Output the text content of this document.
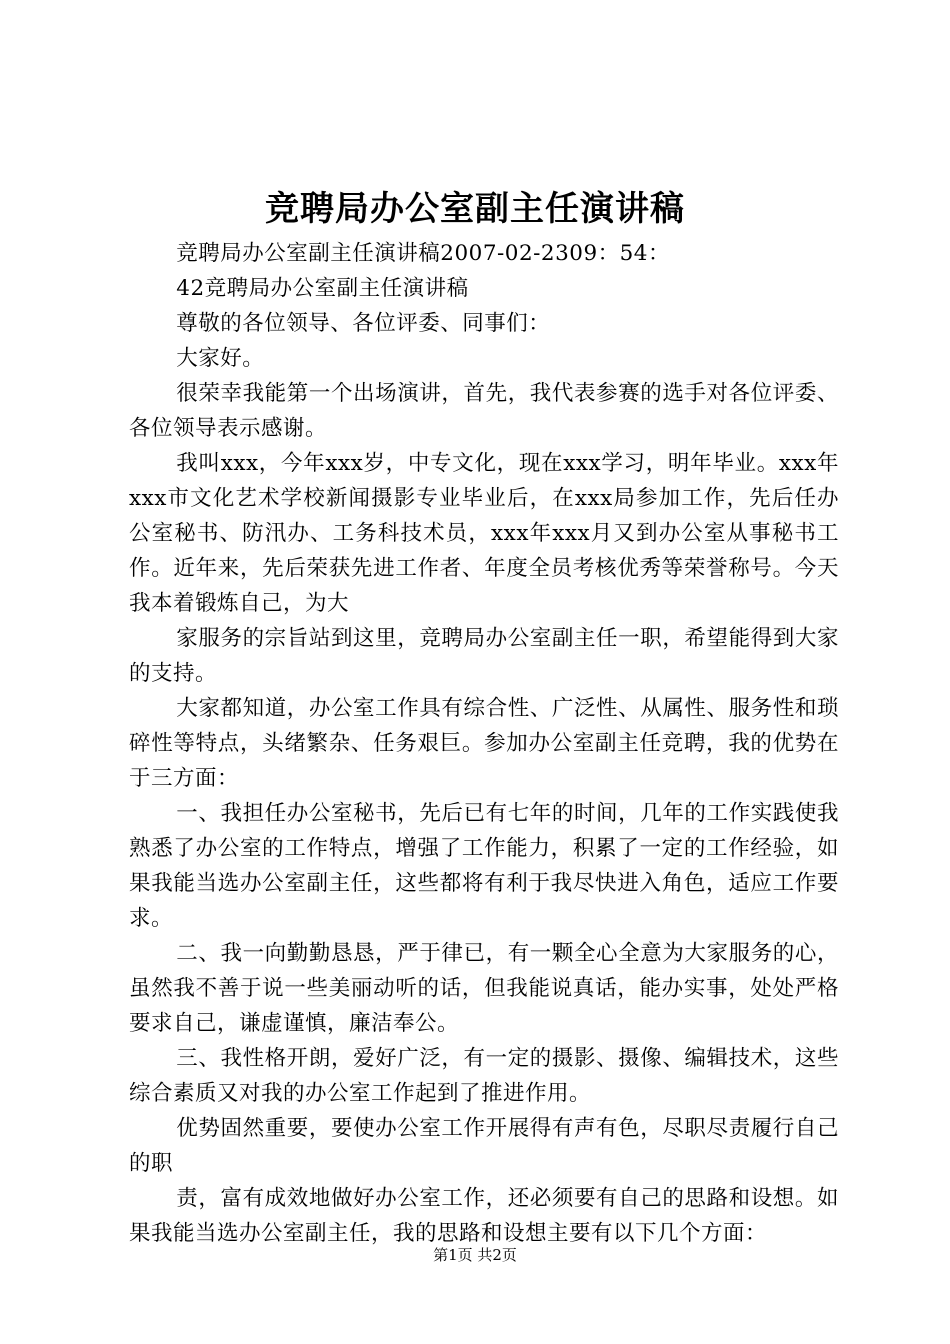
竞聘局办公室副主任演讲稿

竞聘局办公室副主任演讲稿2007-02-2309：54：

42竞聘局办公室副主任演讲稿

尊敬的各位领导、各位评委、同事们：

大家好。

很荣幸我能第一个出场演讲，首先，我代表参赛的选手对各位评委、各位领导表示感谢。

我叫xxx，今年xxx岁，中专文化，现在xxx学习，明年毕业。xxx年xxx市文化艺术学校新闻摄影专业毕业后，在xxx局参加工作，先后任办公室秘书、防汛办、工务科技术员，xxx年xxx月又到办公室从事秘书工作。近年来，先后荣获先进工作者、年度全员考核优秀等荣誉称号。今天我本着锻炼自己，为大

家服务的宗旨站到这里，竞聘局办公室副主任一职，希望能得到大家的支持。

大家都知道，办公室工作具有综合性、广泛性、从属性、服务性和琐碎性等特点，头绪繁杂、任务艰巨。参加办公室副主任竞聘，我的优势在于三方面：

一、我担任办公室秘书，先后已有七年的时间，几年的工作实践使我熟悉了办公室的工作特点，增强了工作能力，积累了一定的工作经验，如果我能当选办公室副主任，这些都将有利于我尽快进入角色，适应工作要求。

二、我一向勤勤恳恳，严于律已，有一颗全心全意为大家服务的心，虽然我不善于说一些美丽动听的话，但我能说真话，能办实事，处处严格要求自己，谦虚谨慎，廉洁奉公。

三、我性格开朗，爱好广泛，有一定的摄影、摄像、编辑技术，这些综合素质又对我的办公室工作起到了推进作用。

优势固然重要，要使办公室工作开展得有声有色，尽职尽责履行自己的职

责，富有成效地做好办公室工作，还必须要有自己的思路和设想。如果我能当选办公室副主任，我的思路和设想主要有以下几个方面：

第1页 共2页
